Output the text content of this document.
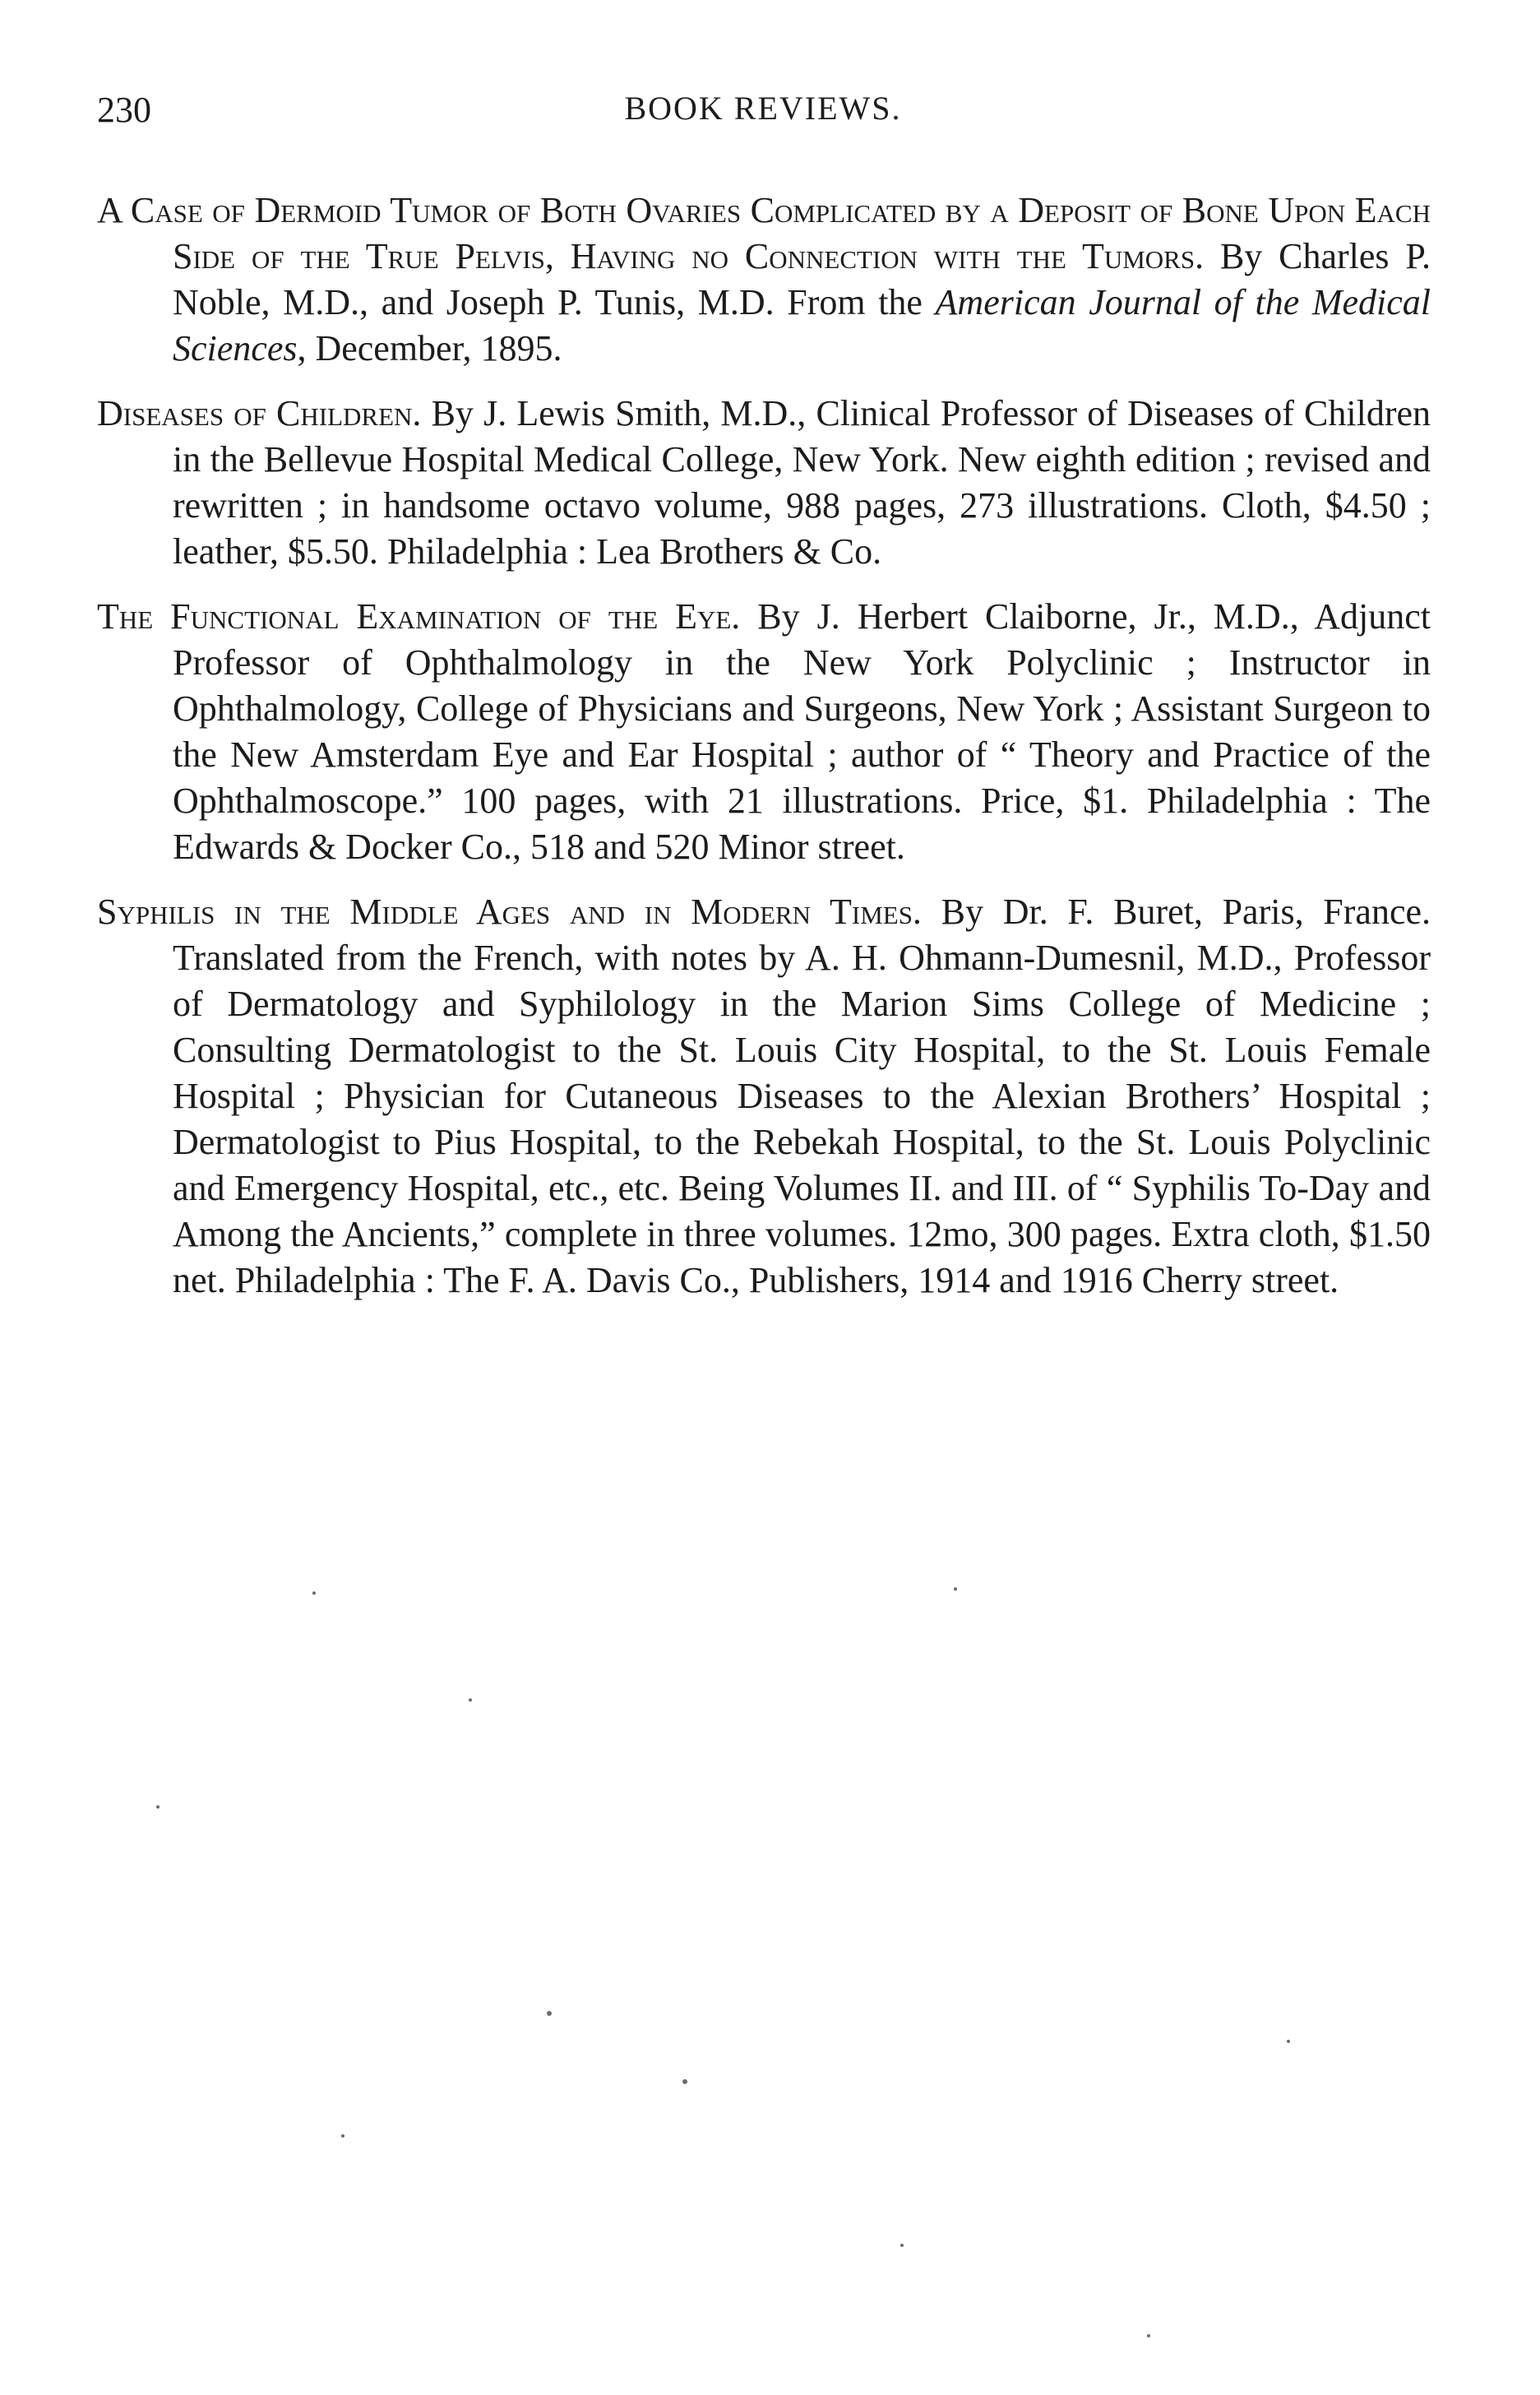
230	BOOK REVIEWS.

A Case of Dermoid Tumor of Both Ovaries Complicated by a Deposit of Bone Upon Each Side of the True Pelvis, Having no Connection with the Tumors. By Charles P. Noble, M.D., and Joseph P. Tunis, M.D. From the American Journal of the Medical Sciences, December, 1895.

Diseases of Children. By J. Lewis Smith, M.D., Clinical Professor of Diseases of Children in the Bellevue Hospital Medical College, New York. New eighth edition ; revised and rewritten ; in handsome octavo volume, 988 pages, 273 illustrations. Cloth, $4.50 ; leather, $5.50. Philadelphia : Lea Brothers & Co.

The Functional Examination of the Eye. By J. Herbert Claiborne, Jr., M.D., Adjunct Professor of Ophthalmology in the New York Polyclinic ; Instructor in Ophthalmology, College of Physicians and Surgeons, New York ; Assistant Surgeon to the New Amsterdam Eye and Ear Hospital ; author of “ Theory and Practice of the Ophthalmoscope.” 100 pages, with 21 illustrations. Price, $1. Philadelphia : The Edwards & Docker Co., 518 and 520 Minor street.

Syphilis in the Middle Ages and in Modern Times. By Dr. F. Buret, Paris, France. Translated from the French, with notes by A. H. Ohmann-Dumesnil, M.D., Professor of Dermatology and Syphilology in the Marion Sims College of Medicine ; Consulting Dermatologist to the St. Louis City Hospital, to the St. Louis Female Hospital ; Physician for Cutaneous Diseases to the Alexian Brothers’ Hospital ; Dermatologist to Pius Hospital, to the Rebekah Hospital, to the St. Louis Polyclinic and Emergency Hospital, etc., etc. Being Volumes II. and III. of “ Syphilis To-Day and Among the Ancients,” complete in three volumes. 12mo, 300 pages. Extra cloth, $1.50 net. Philadelphia : The F. A. Davis Co., Publishers, 1914 and 1916 Cherry street.
